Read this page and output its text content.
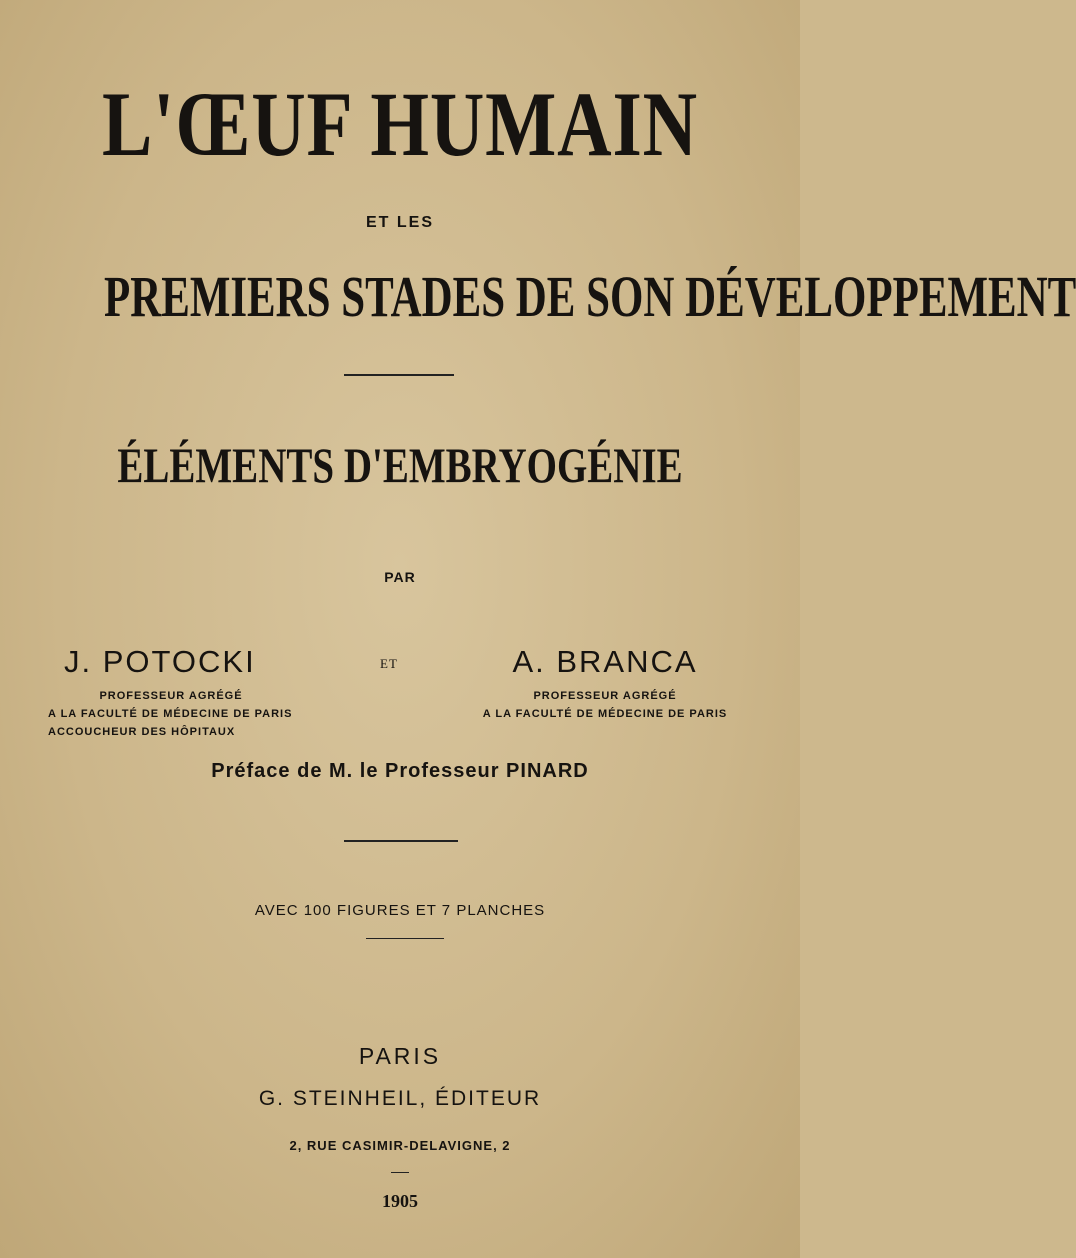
L'ŒUF HUMAIN
ET LES
PREMIERS STADES DE SON DÉVELOPPEMENT
ÉLÉMENTS D'EMBRYOGÉNIE
PAR
J. POTOCKI
PROFESSEUR AGRÉGÉ
A LA FACULTÉ DE MÉDECINE DE PARIS
ACCOUCHEUR DES HÔPITAUX
ET	A. BRANCA
PROFESSEUR AGRÉGÉ
A LA FACULTÉ DE MÉDECINE DE PARIS
Préface de M. le Professeur PINARD
AVEC 100 FIGURES ET 7 PLANCHES
PARIS
G. STEINHEIL, ÉDITEUR
2, RUE CASIMIR-DELAVIGNE, 2
1905
